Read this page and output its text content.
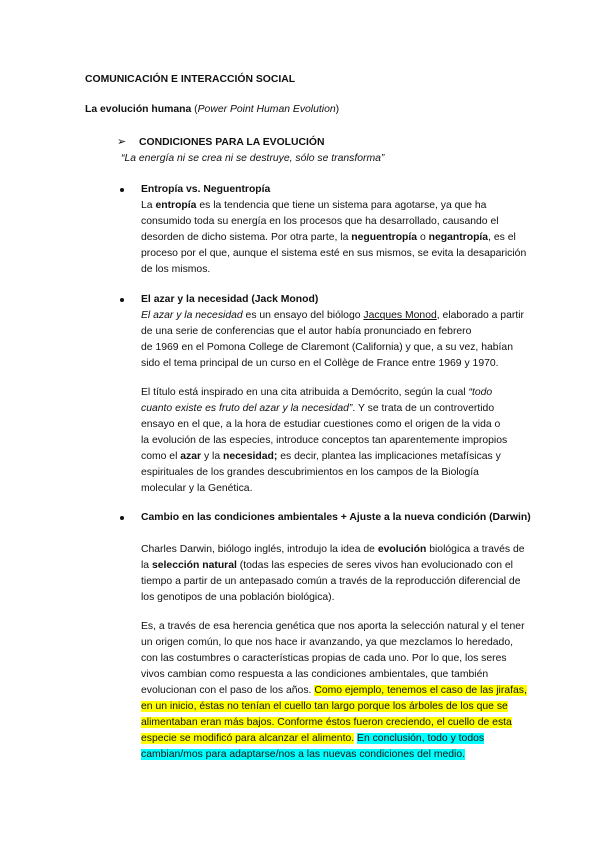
COMUNICACIÓN E INTERACCIÓN SOCIAL
La evolución humana (Power Point Human Evolution)
➢ CONDICIONES PARA LA EVOLUCIÓN
“La energía ni se crea ni se destruye, sólo se transforma”
Entropía vs. Neguentropía
La entropía es la tendencia que tiene un sistema para agotarse, ya que ha
consumido toda su energía en los procesos que ha desarrollado, causando el
desorden de dicho sistema. Por otra parte, la neguentropía o negantropía, es el
proceso por el que, aunque el sistema esté en sus mismos, se evita la desaparición
de los mismos.
El azar y la necesidad (Jack Monod)
El azar y la necesidad es un ensayo del biólogo Jacques Monod, elaborado a partir
de una serie de conferencias que el autor había pronunciado en febrero
de 1969 en el Pomona College de Claremont (California) y que, a su vez, habían
sido el tema principal de un curso en el Collège de France entre 1969 y 1970.
El título está inspirado en una cita atribuida a Demócrito, según la cual “todo
cuanto existe es fruto del azar y la necesidad”. Y se trata de un controvertido
ensayo en el que, a la hora de estudiar cuestiones como el origen de la vida o
la evolución de las especies, introduce conceptos tan aparentemente impropios
como el azar y la necesidad; es decir, plantea las implicaciones metafísicas y
espirituales de los grandes descubrimientos en los campos de la Biología
molecular y la Genética.
Cambio en las condiciones ambientales + Ajuste a la nueva condición (Darwin)
Charles Darwin, biólogo inglés, introdujo la idea de evolución biológica a través de
la selección natural (todas las especies de seres vivos han evolucionado con el
tiempo a partir de un antepasado común a través de la reproducción diferencial de
los genotipos de una población biológica).
Es, a través de esa herencia genética que nos aporta la selección natural y el tener
un origen común, lo que nos hace ir avanzando, ya que mezclamos lo heredado,
con las costumbres o características propias de cada uno. Por lo que, los seres
vivos cambian como respuesta a las condiciones ambientales, que también
evolucionan con el paso de los años. Como ejemplo, tenemos el caso de las jirafas,
en un inicio, éstas no tenían el cuello tan largo porque los árboles de los que se
alimentaban eran más bajos. Conforme éstos fueron creciendo, el cuello de esta
especie se modificó para alcanzar el alimento. En conclusión, todo y todos
cambian/mos para adaptarse/nos a las nuevas condiciones del medio.
